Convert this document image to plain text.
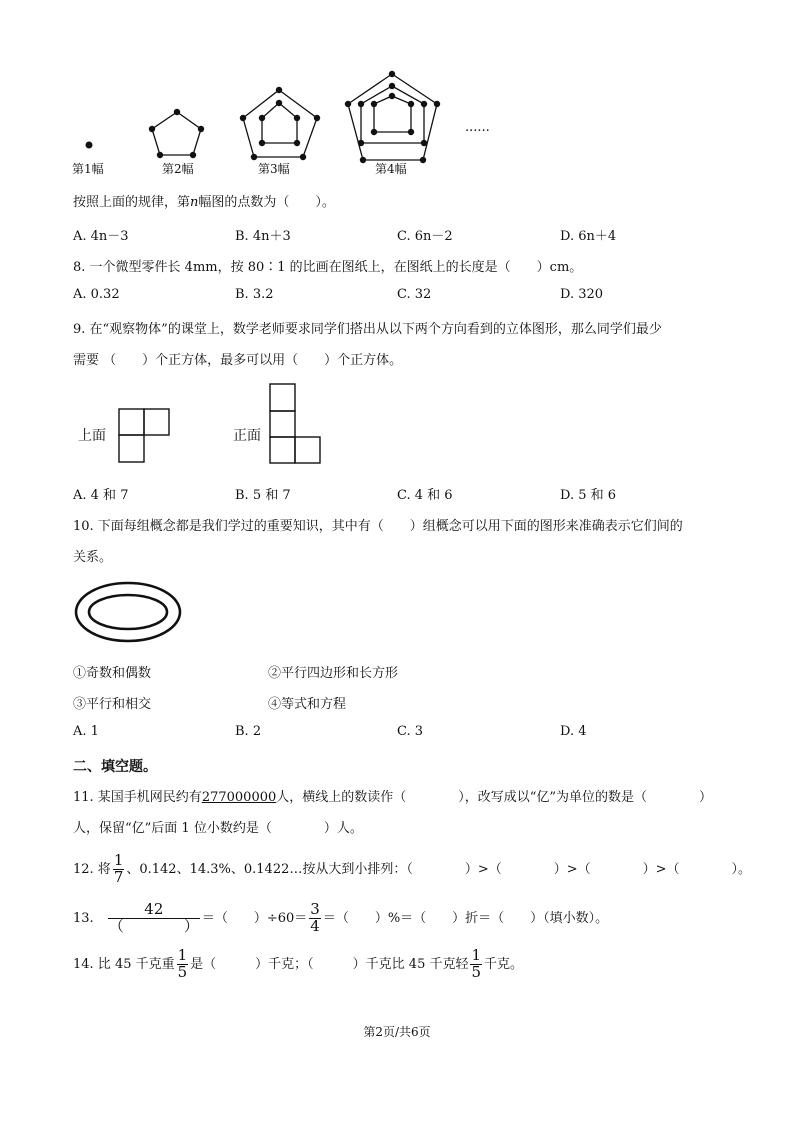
第1幅	第2幅	第3幅	第4幅
......
按照上面的规律，第n幅图的点数为（　　）。
A. 4n－3	B. 4n＋3	C. 6n－2	D. 6n＋4
8. 一个微型零件长 4mm，按 80∶1 的比画在图纸上，在图纸上的长度是（　　）cm。
A. 0.32	B. 3.2	C. 32	D. 320
9. 在“观察物体”的课堂上，数学老师要求同学们搭出从以下两个方向看到的立体图形，那么同学们最少
需要 （　　）个正方体，最多可以用（　　）个正方体。
上面	正面
A. 4 和 7	B. 5 和 7	C. 4 和 6	D. 5 和 6
10. 下面每组概念都是我们学过的重要知识，其中有（　　）组概念可以用下面的图形来准确表示它们间的
关系。
①奇数和偶数	②平行四边形和长方形
③平行和相交	④等式和方程
A. 1	B. 2	C. 3	D. 4
二、填空题。
11. 某国手机网民约有277000000人，横线上的数读作（　　　　），改写成以“亿”为单位的数是（　　　　）
人，保留“亿”后面 1 位小数约是（　　　　）人。
12. 将 $\frac{1}{7}$ 、0.142、14.3%、0.1422…按从大到小排列：（　　　　）>（　　　　）>（　　　　）>（　　　　）。
13. $\frac{42}{( )}$ ＝（　　）$\div 60= \frac{3}{4}$ ＝（　　）%＝（　　）折＝（　　）（填小数）。
14. 比 45 千克重 $\frac{1}{5}$ 是（　　　）千克；（　　　）千克比 45 千克轻 $\frac{1}{5}$ 千克。
第2页/共6页
